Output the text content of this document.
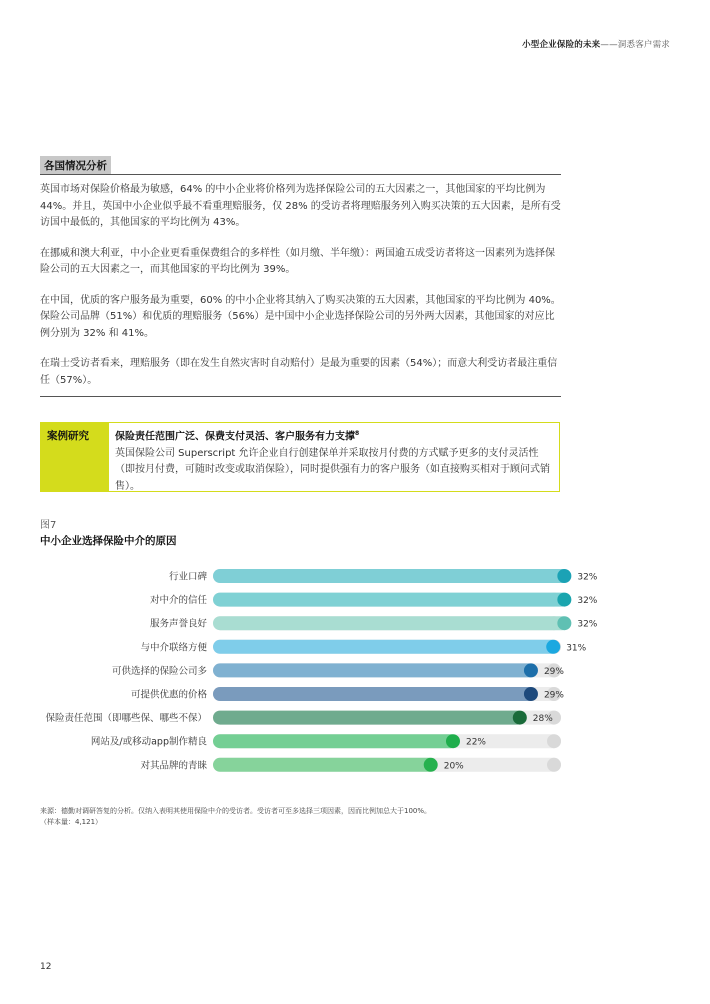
小型企业保险的未来——洞悉客户需求
各国情况分析

英国市场对保险价格最为敏感，64% 的中小企业将价格列为选择保险公司的五大因素之一，其他国家的平均比例为 44%。并且，英国中小企业似乎最不看重理赔服务，仅 28% 的受访者将理赔服务列入购买决策的五大因素，是所有受访国中最低的，其他国家的平均比例为 43%。

在挪威和澳大利亚，中小企业更看重保费组合的多样性（如月缴、半年缴）：两国逾五成受访者将这一因素列为选择保险公司的五大因素之一，而其他国家的平均比例为 39%。

在中国，优质的客户服务最为重要，60% 的中小企业将其纳入了购买决策的五大因素，其他国家的平均比例为 40%。保险公司品牌（51%）和优质的理赔服务（56%）是中国中小企业选择保险公司的另外两大因素，其他国家的对应比例分别为 32% 和 41%。

在瑞士受访者看来，理赔服务（即在发生自然灾害时自动赔付）是最为重要的因素（54%）；而意大利受访者最注重信任（57%）。

案例研究	保险责任范围广泛、保费支付灵活、客户服务有力支撑$^8$
英国保险公司 Superscript 允许企业自行创建保单并采取按月付费的方式赋予更多的支付灵活性（即按月付费，可随时改变或取消保险），同时提供强有力的客户服务（如直接购买相对于顾问式销售）。
图7
中小企业选择保险中介的原因
行业口碑	32%
对中介的信任	32%
服务声誉良好	32%
与中介联络方便	31%
可供选择的保险公司多	29%
可提供优惠的价格	29%
保险责任范围（即哪些保、哪些不保）	28%
网站及/或移动app制作精良	22%
对其品牌的青睐	20%
来源：德勤对调研答复的分析。仅纳入表明其使用保险中介的受访者。受访者可至多选择三项因素，因而比例加总大于100%。
（样本量：4,121）
12
